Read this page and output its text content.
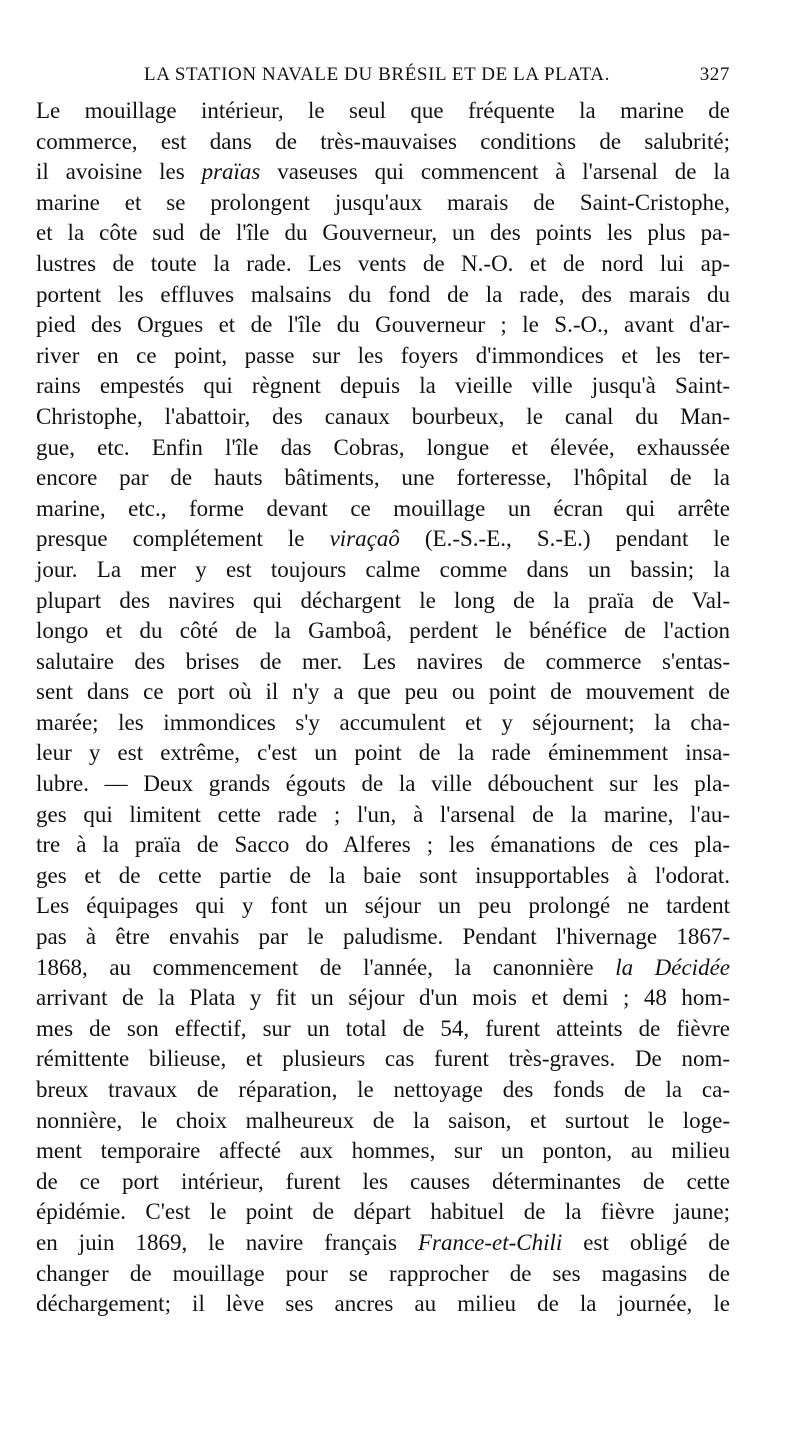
LA STATION NAVALE DU BRÉSIL ET DE LA PLATA.	327
Le mouillage intérieur, le seul que fréquente la marine de
commerce, est dans de très-mauvaises conditions de salubrité;
il avoisine les praïas vaseuses qui commencent à l'arsenal de la
marine et se prolongent jusqu'aux marais de Saint-Cristophe,
et la côte sud de l'île du Gouverneur, un des points les plus pa-
lustres de toute la rade. Les vents de N.-O. et de nord lui ap-
portent les effluves malsains du fond de la rade, des marais du
pied des Orgues et de l'île du Gouverneur ; le S.-O., avant d'ar-
river en ce point, passe sur les foyers d'immondices et les ter-
rains empestés qui règnent depuis la vieille ville jusqu'à Saint-
Christophe, l'abattoir, des canaux bourbeux, le canal du Man-
gue, etc. Enfin l'île das Cobras, longue et élevée, exhaussée
encore par de hauts bâtiments, une forteresse, l'hôpital de la
marine, etc., forme devant ce mouillage un écran qui arrête
presque complétement le viraçaô (E.-S.-E., S.-E.) pendant le
jour. La mer y est toujours calme comme dans un bassin; la
plupart des navires qui déchargent le long de la praïa de Val-
longo et du côté de la Gamboâ, perdent le bénéfice de l'action
salutaire des brises de mer. Les navires de commerce s'entas-
sent dans ce port où il n'y a que peu ou point de mouvement de
marée; les immondices s'y accumulent et y séjournent; la cha-
leur y est extrême, c'est un point de la rade éminemment insa-
lubre. — Deux grands égouts de la ville débouchent sur les pla-
ges qui limitent cette rade ; l'un, à l'arsenal de la marine, l'au-
tre à la praïa de Sacco do Alferes ; les émanations de ces pla-
ges et de cette partie de la baie sont insupportables à l'odorat.
Les équipages qui y font un séjour un peu prolongé ne tardent
pas à être envahis par le paludisme. Pendant l'hivernage 1867-
1868, au commencement de l'année, la canonnière la Décidée
arrivant de la Plata y fit un séjour d'un mois et demi ; 48 hom-
mes de son effectif, sur un total de 54, furent atteints de fièvre
rémittente bilieuse, et plusieurs cas furent très-graves. De nom-
breux travaux de réparation, le nettoyage des fonds de la ca-
nonnière, le choix malheureux de la saison, et surtout le loge-
ment temporaire affecté aux hommes, sur un ponton, au milieu
de ce port intérieur, furent les causes déterminantes de cette
épidémie. C'est le point de départ habituel de la fièvre jaune;
en juin 1869, le navire français France-et-Chili est obligé de
changer de mouillage pour se rapprocher de ses magasins de
déchargement; il lève ses ancres au milieu de la journée, le
